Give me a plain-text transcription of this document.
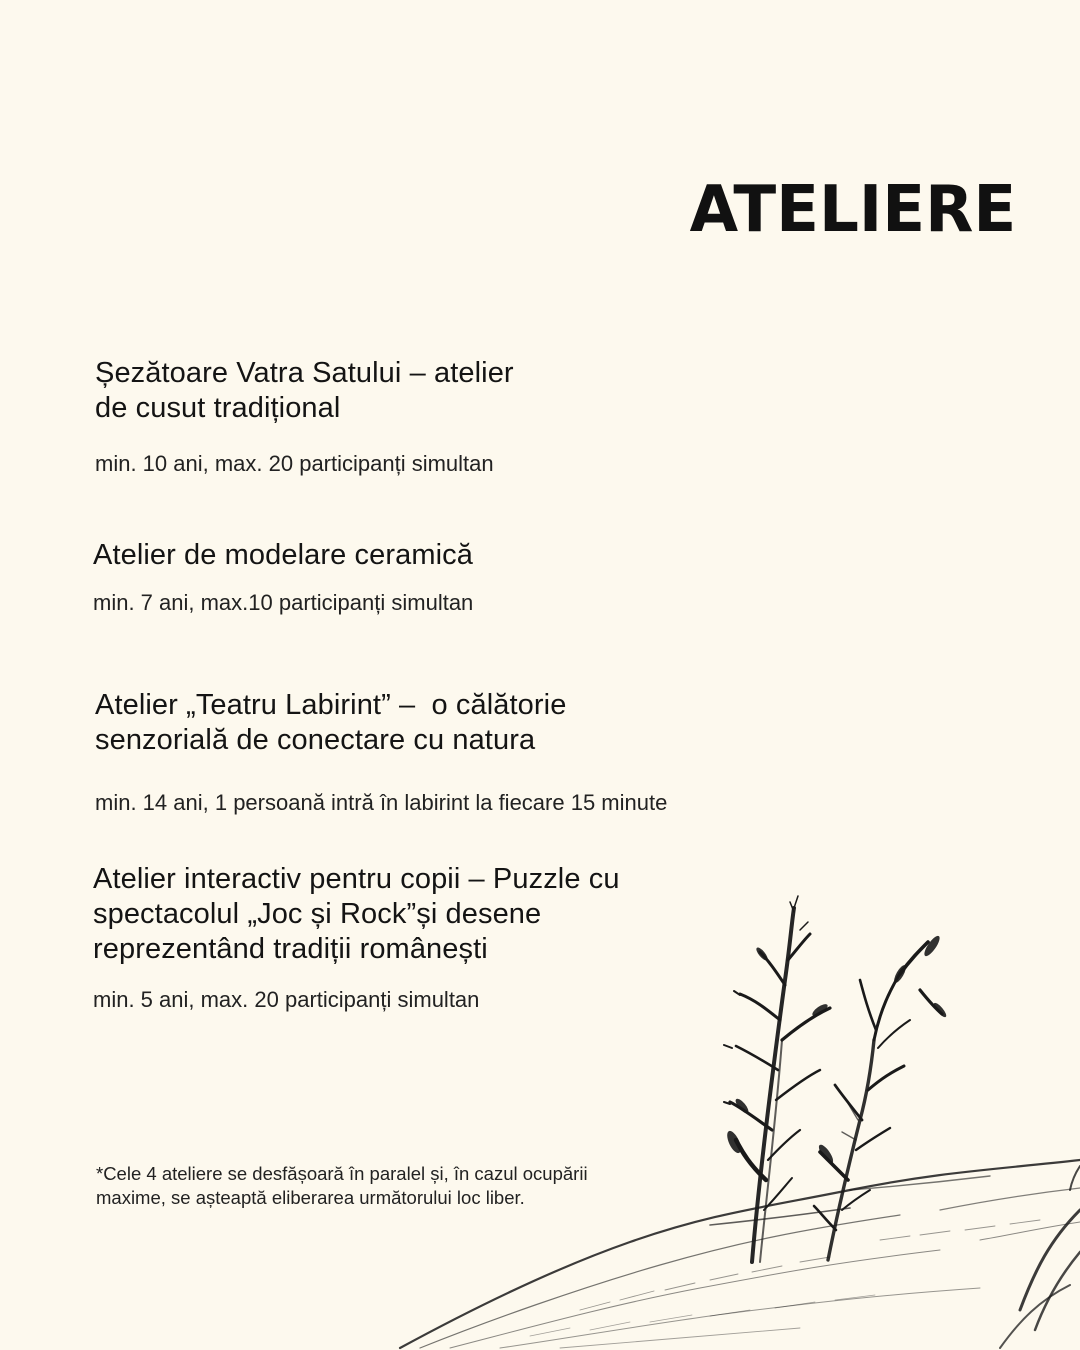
ATELIERE

Șezătoare Vatra Satului – atelier
de cusut tradițional

min. 10 ani, max. 20 participanți simultan

Atelier de modelare ceramică

min. 7 ani, max.10 participanți simultan

Atelier „Teatru Labirint” –  o călătorie
senzorială de conectare cu natura

min. 14 ani, 1 persoană intră în labirint la fiecare 15 minute

Atelier interactiv pentru copii – Puzzle cu
spectacolul „Joc și Rock”și desene
reprezentând tradiții românești

min. 5 ani, max. 20 participanți simultan

*Cele 4 ateliere se desfășoară în paralel și, în cazul ocupării
maxime, se așteaptă eliberarea următorului loc liber.
